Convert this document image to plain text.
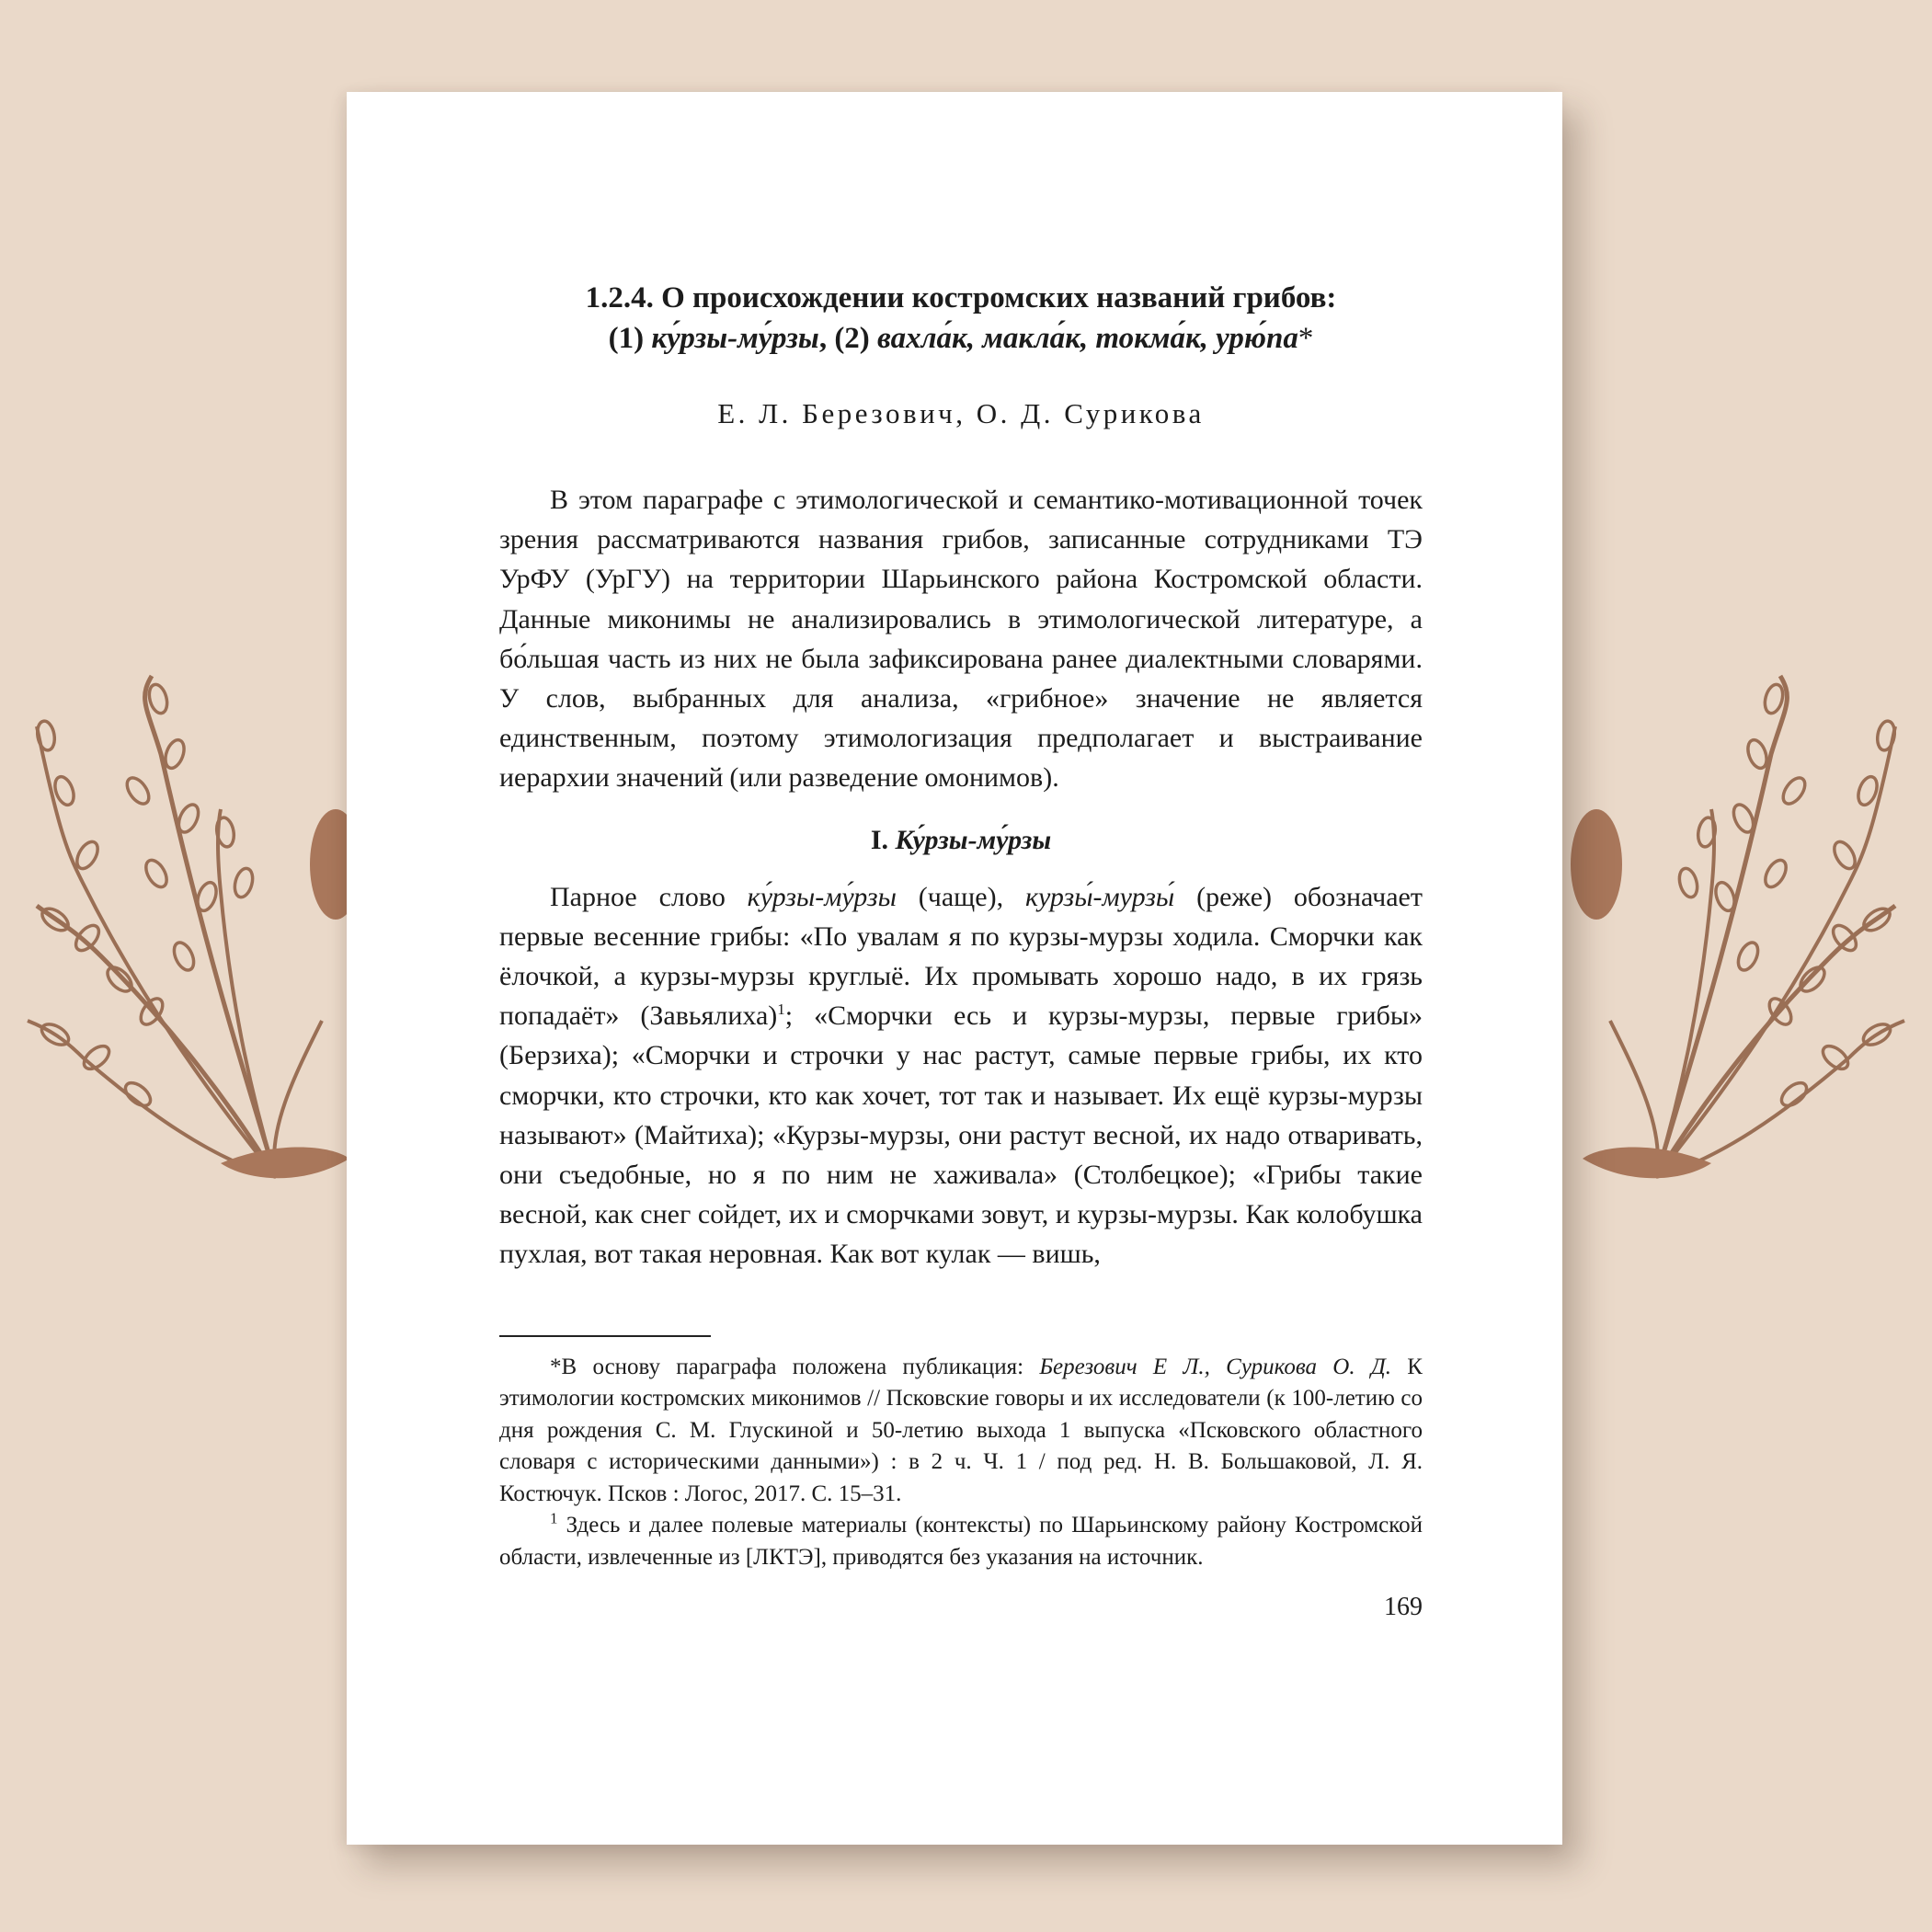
1.2.4. О происхождении костромских названий грибов:
(1) ку́рзы-му́рзы, (2) вахла́к, макла́к, токма́к, урю́па*
Е. Л. Березович, О. Д. Сурикова

В этом параграфе с этимологической и семантико-мотивационной точек зрения рассматриваются названия грибов, записанные сотрудниками ТЭ УрФУ (УрГУ) на территории Шарьинского района Костромской области. Данные миконимы не анализировались в этимологической литературе, а бо́льшая часть из них не была зафиксирована ранее диалектными словарями. У слов, выбранных для анализа, «грибное» значение не является единственным, поэтому этимологизация предполагает и выстраивание иерархии значений (или разведение омонимов).

I. Ку́рзы-му́рзы

Парное слово ку́рзы-му́рзы (чаще), курзы́-мурзы́ (реже) обозначает первые весенние грибы: «По увалам я по курзы-мурзы ходила. Сморчки как ёлочкой, а курзы-мурзы круглыё. Их промывать хорошо надо, в их грязь попадаёт» (Завьялиха)$^1$; «Сморчки есь и курзы-мурзы, первые грибы» (Берзиха); «Сморчки и строчки у нас растут, самые первые грибы, их кто сморчки, кто строчки, кто как хочет, тот так и называет. Их ещё курзы-мурзы называют» (Майтиха); «Курзы-мурзы, они растут весной, их надо отваривать, они съедобные, но я по ним не хаживала» (Столбецкое); «Грибы такие весной, как снег сойдет, их и сморчками зовут, и курзы-мурзы. Как колобушка пухлая, вот такая неровная. Как вот кулак — вишь,

*В основу параграфа положена публикация: Березович Е Л., Сурикова О. Д. К этимологии костромских миконимов // Псковские говоры и их исследователи (к 100-летию со дня рождения С. М. Глускиной и 50-летию выхода 1 выпуска «Псковского областного словаря с историческими данными») : в 2 ч. Ч. 1 / под ред. Н. В. Большаковой, Л. Я. Костючук. Псков : Логос, 2017. С. 15–31.

$^1$ Здесь и далее полевые материалы (контексты) по Шарьинскому району Костромской области, извлеченные из [ЛКТЭ], приводятся без указания на источник.

169
